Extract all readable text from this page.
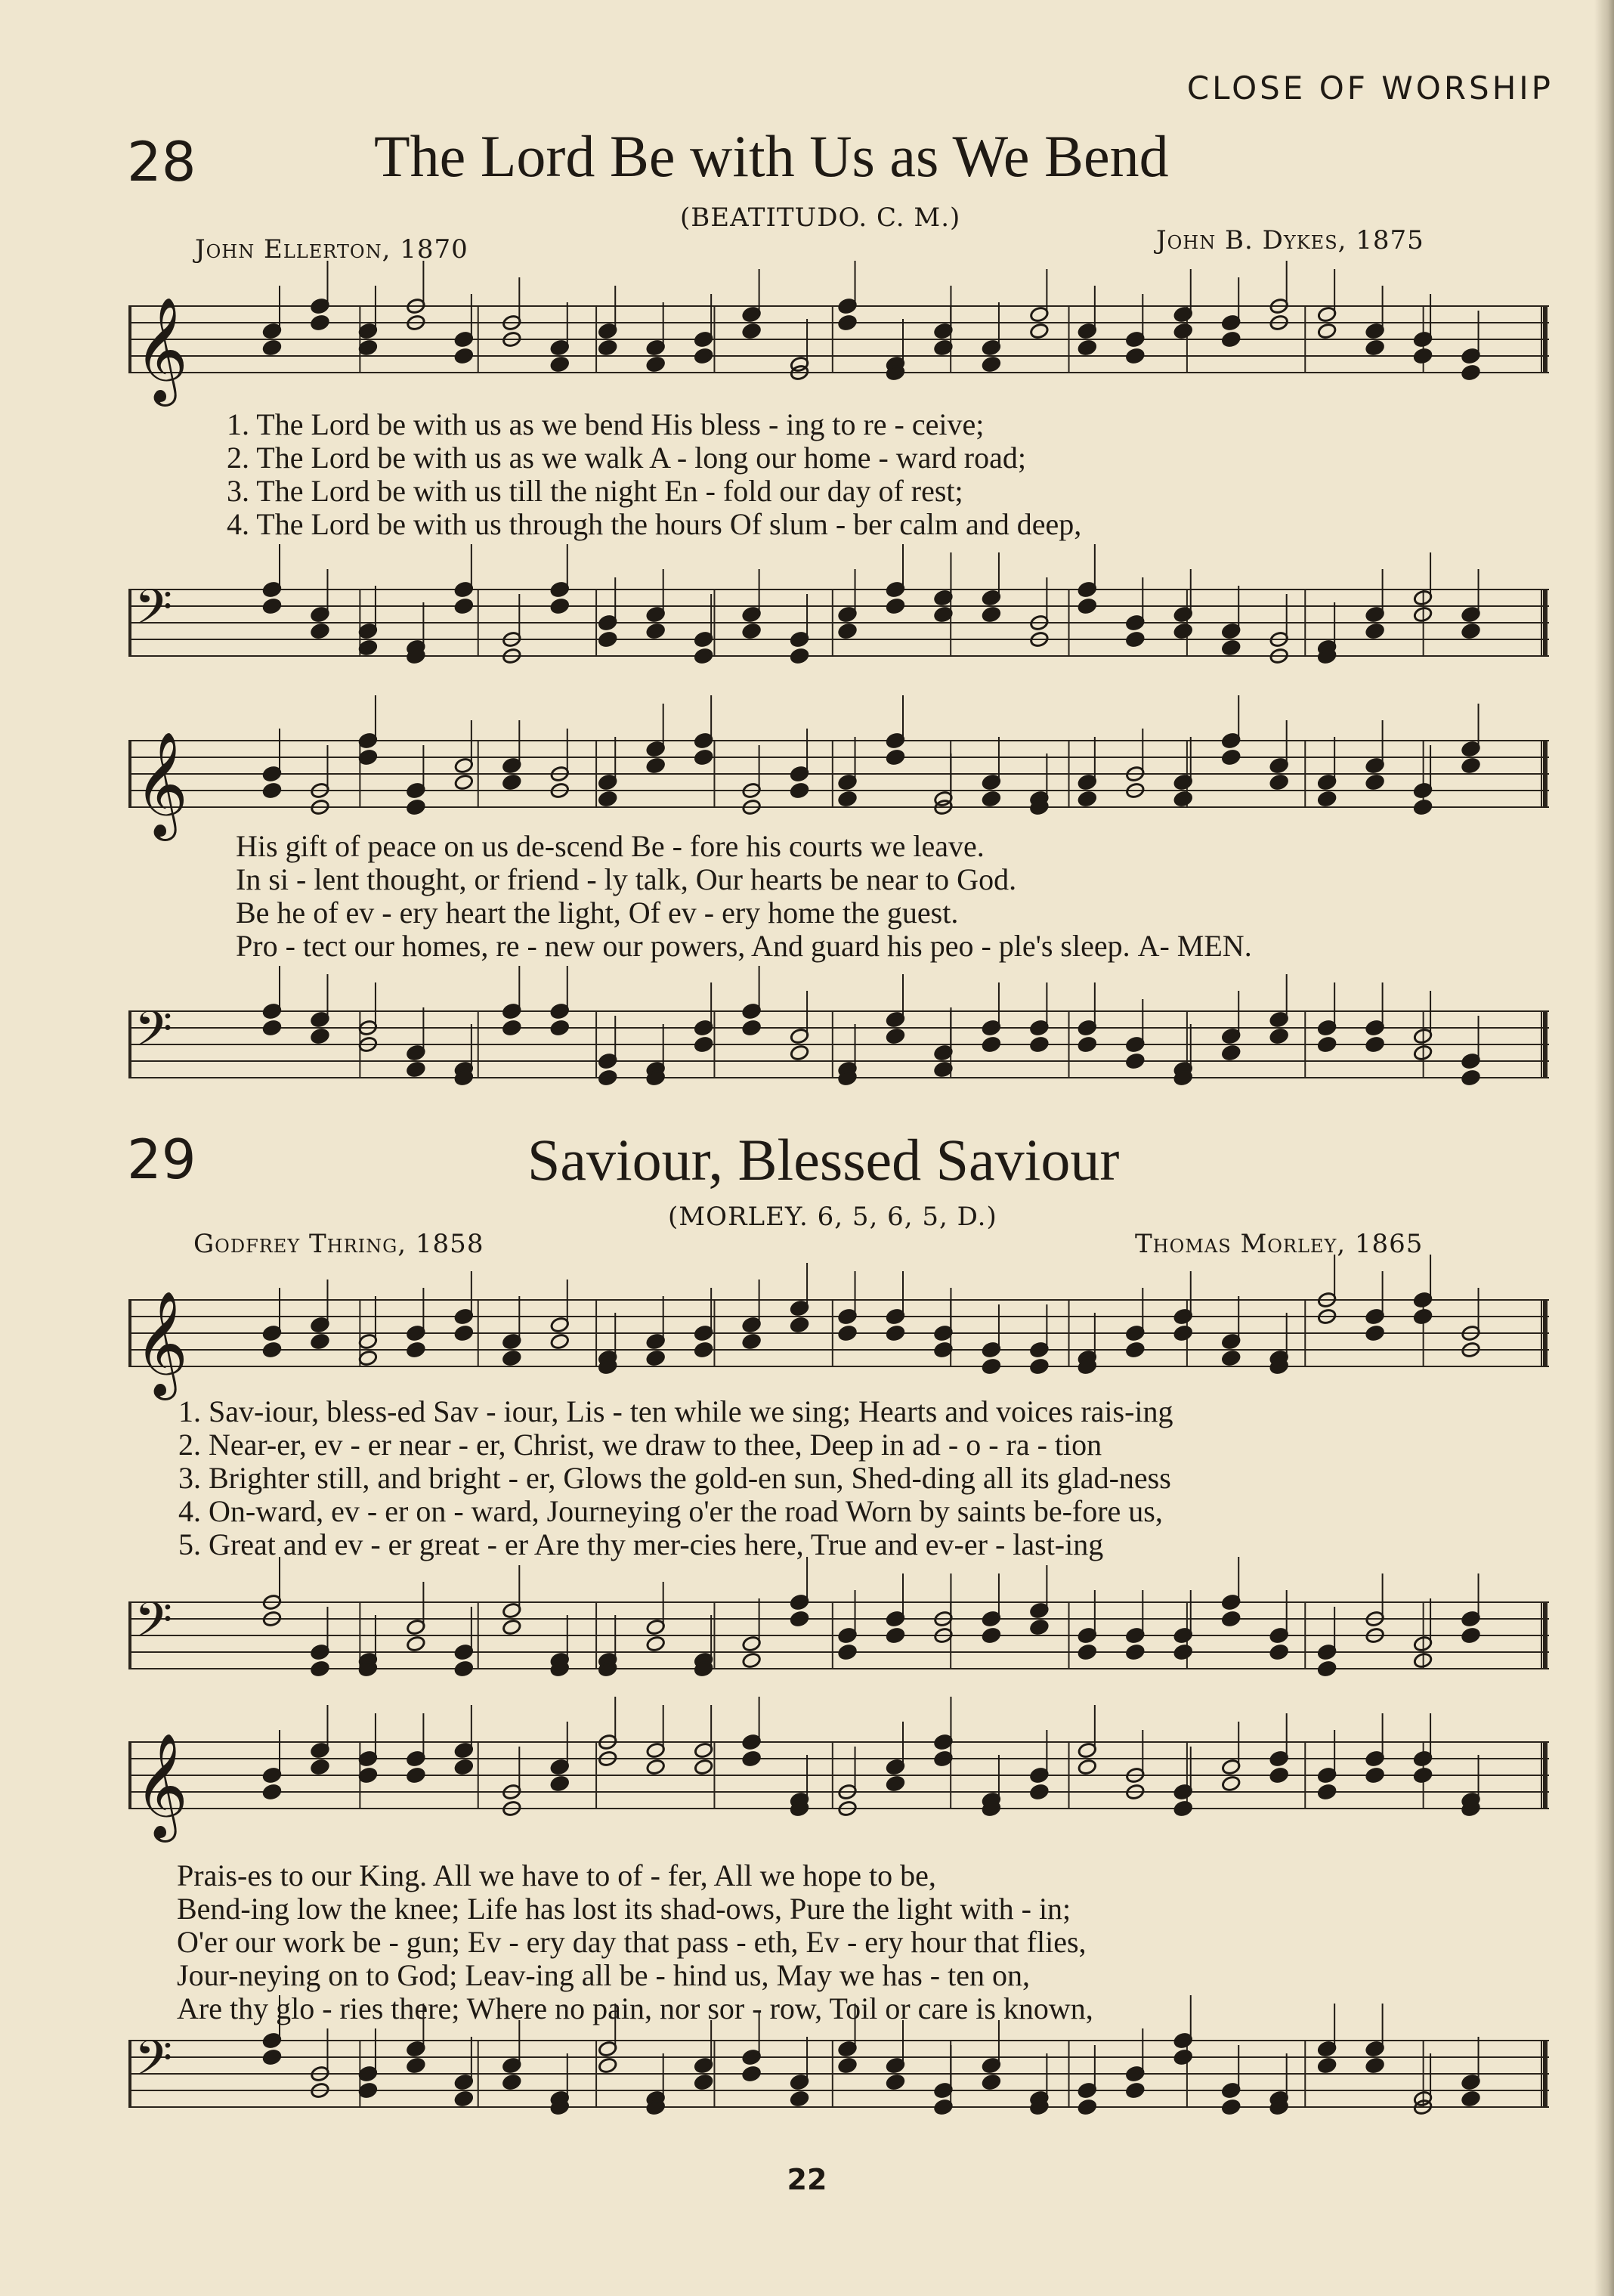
CLOSE OF WORSHIP
28	The Lord Be with Us as We Bend
(BEATITUDO. C. M.)
John Ellerton, 1870	John B. Dykes, 1875
𝄞
1. The Lord be with us as we bend His bless - ing to re - ceive;
2. The Lord be with us as we walk A - long our home - ward road;
3. The Lord be with us till the night En - fold our day of rest;
4. The Lord be with us through the hours Of slum - ber calm and deep,
𝄢
𝄞
His gift of peace on us de-scend Be - fore his courts we leave.
In si - lent thought, or friend - ly talk, Our hearts be near to God.
Be he of ev - ery heart the light, Of ev - ery home the guest.
Pro - tect our homes, re - new our powers, And guard his peo - ple's sleep. A- MEN.
𝄢
29	Saviour, Blessed Saviour
(MORLEY. 6, 5, 6, 5, D.)
Godfrey Thring, 1858	Thomas Morley, 1865
𝄞
1. Sav-iour, bless-ed Sav - iour, Lis - ten while we sing; Hearts and voices rais-ing
2. Near-er, ev - er near - er, Christ, we draw to thee, Deep in ad - o - ra - tion
3. Brighter still, and bright - er, Glows the gold-en sun, Shed-ding all its glad-ness
4. On-ward, ev - er on - ward, Journeying o'er the road Worn by saints be-fore us,
5. Great and ev - er great - er Are thy mer-cies here, True and ev-er - last-ing
𝄢
𝄞
Prais-es to our King. All we have to of - fer, All we hope to be,
Bend-ing low the knee; Life has lost its shad-ows, Pure the light with - in;
O'er our work be - gun; Ev - ery day that pass - eth, Ev - ery hour that flies,
Jour-neying on to God; Leav-ing all be - hind us, May we has - ten on,
Are thy glo - ries there; Where no pain, nor sor - row, Toil or care is known,
𝄢
22
